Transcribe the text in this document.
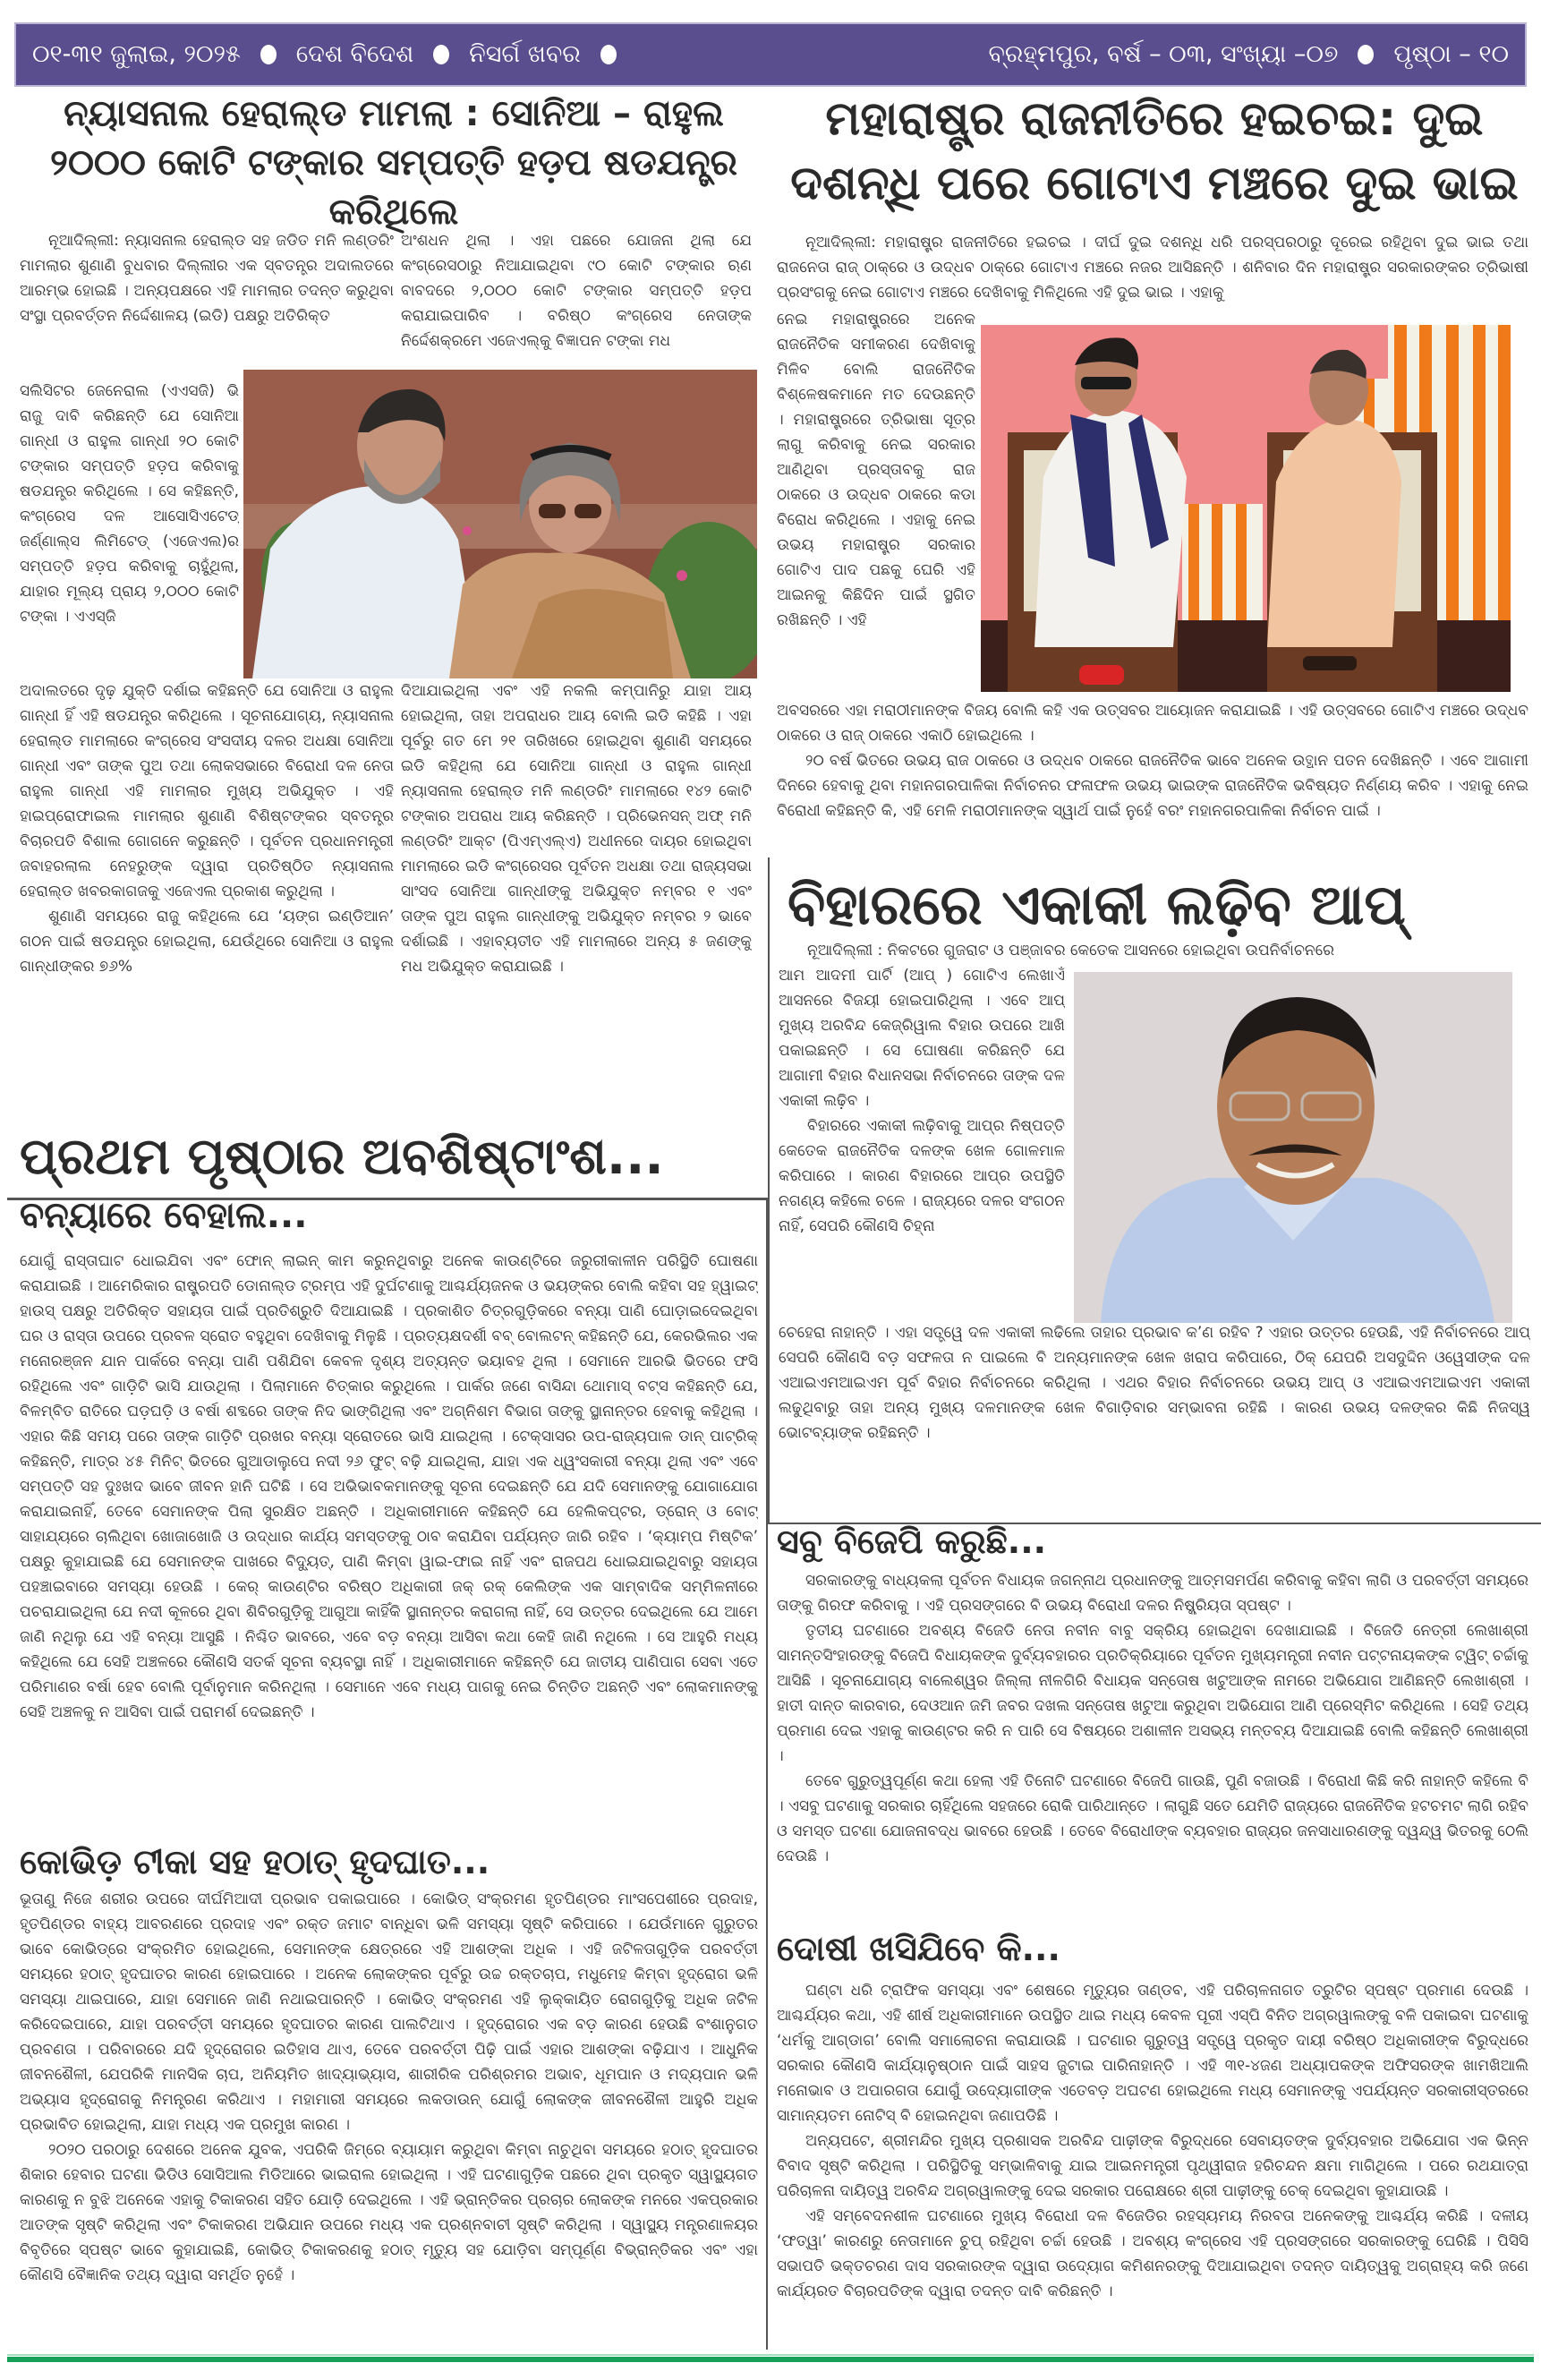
୦୧-୩୧ ଜୁଲାଇ, ୨୦୨୫ ଦେଶ ବିଦେଶ ନିସର୍ଗ ଖବର	ବ୍ରହ୍ମପୁର, ବର୍ଷ – ୦୩, ସଂଖ୍ୟା –୦୭ ପୃଷ୍ଠା – ୧୦
ନ୍ୟାସନାଲ ହେରାଲ୍ଡ ମାମଲା : ସୋନିଆ – ରାହୁଲ
୨୦୦୦ କୋଟି ଟଙ୍କାର ସମ୍ପତ୍ତି ହଡ଼ପ ଷଡଯନ୍ତ୍ର କରିଥିଲେ

ନୂଆଦିଲ୍ଲୀ: ନ୍ୟାସନାଲ ହେରାଲ୍ଡ ସହ ଜଡିତ ମନି ଲଣ୍ଡରିଂ ମାମଲାର ଶୁଣାଣି ବୁଧବାର ଦିଲ୍ଲୀର ଏକ ସ୍ବତନ୍ତ୍ର ଅଦାଲତରେ ଆରମ୍ଭ ହୋଇଛି । ଅନ୍ୟପକ୍ଷରେ ଏହି ମାମଲାର ତଦନ୍ତ କରୁଥିବା ସଂସ୍ଥା ପ୍ରବର୍ତ୍ତନ ନିର୍ଦ୍ଦେଶାଳୟ (ଇଡି) ପକ୍ଷରୁ ଅତିରିକ୍ତ

ଅଂଶଧନ ଥିଲା । ଏହା ପଛରେ ଯୋଜନା ଥିଲା ଯେ କଂଗ୍ରେସଠାରୁ ନିଆଯାଇଥିବା ୯୦ କୋଟି ଟଙ୍କାର ଋଣ ବାବଦରେ ୨,୦୦୦ କୋଟି ଟଙ୍କାର ସମ୍ପତ୍ତି ହଡ଼ପ କରାଯାଇପାରିବ । ବରିଷ୍ଠ କଂଗ୍ରେସ ନେତାଙ୍କ ନିର୍ଦ୍ଦେଶକ୍ରମେ ଏଜେଏଲ୍‌କୁ ବିଜ୍ଞାପନ ଟଙ୍କା ମଧ

ସଲିସିଟର ଜେନେରାଲ (ଏଏସଜି) ଭି ରାଜୁ ଦାବି କରିଛନ୍ତି ଯେ ସୋନିଆ ଗାନ୍ଧୀ ଓ ରାହୁଲ ଗାନ୍ଧୀ ୨୦ କୋଟି ଟଙ୍କାର ସମ୍ପତ୍ତି ହଡ଼ପ କରିବାକୁ ଷଡଯନ୍ତ୍ର କରିଥିଲେ । ସେ କହିଛନ୍ତି, କଂଗ୍ରେସ ଦଳ ଆସୋସିଏଟେଡ୍ ଜର୍ଣ୍ଣାଲ୍ସ ଲିମିଟେଡ୍ (ଏଜେଏଲ)ର ସମ୍ପତ୍ତି ହଡ଼ପ କରିବାକୁ ଚାହୁଁଥିଲା, ଯାହାର ମୂଲ୍ୟ ପ୍ରାୟ ୨,୦୦୦ କୋଟି ଟଙ୍କା । ଏଏସ୍‌ଜି

ଅଦାଲତରେ ଦୃଢ଼ ଯୁକ୍ତି ଦର୍ଶାଇ କହିଛନ୍ତି ଯେ ସୋନିଆ ଓ ରାହୁଲ ଗାନ୍ଧୀ ହିଁ ଏହି ଷଡଯନ୍ତ୍ର କରିଥିଲେ । ସୂଚନାଯୋଗ୍ୟ, ନ୍ୟାସନାଲ ହେରାଲ୍ଡ ମାମଲାରେ କଂଗ୍ରେସ ସଂସଦୀୟ ଦଳର ଅଧକ୍ଷା ସୋନିଆ ଗାନ୍ଧୀ ଏବଂ ତାଙ୍କ ପୁଅ ତଥା ଲୋକସଭାରେ ବିରୋଧୀ ଦଳ ନେତା ରାହୁଲ ଗାନ୍ଧୀ ଏହି ମାମଲାର ମୁଖ୍ୟ ଅଭିଯୁକ୍ତ । ଏହି ହାଇପ୍ରୋଫାଇଲ ମାମଲାର ଶୁଣାଣି ବିଶିଷ୍ଟଙ୍କର ସ୍ବତନ୍ତ୍ର ବିଚାରପତି ବିଶାଲ ଗୋଗନେ କରୁଛନ୍ତି । ପୂର୍ବତନ ପ୍ରଧାନମନ୍ତ୍ରୀ ଜବାହରଲାଲ ନେହରୁଙ୍କ ଦ୍ୱାରା ପ୍ରତିଷ୍ଠିତ ନ୍ୟାସନାଲ ହେରାଲ୍ଡ ଖବରକାଗଜକୁ ଏଜେଏଲ ପ୍ରକାଶ କରୁଥିଲା ।

ଶୁଣାଣି ସମୟରେ ରାଜୁ କହିଥିଲେ ଯେ ‘ୟଙ୍ଗ ଇଣ୍ଡିଆନ’ ଗଠନ ପାଇଁ ଷଡଯନ୍ତ୍ର ହୋଇଥିଲା, ଯେଉଁଥିରେ ସୋନିଆ ଓ ରାହୁଲ ଗାନ୍ଧୀଙ୍କର ୭୬%

ଦିଆଯାଇଥିଲା ଏବଂ ଏହି ନକଲି କମ୍ପାନିରୁ ଯାହା ଆୟ ହୋଇଥିଲା, ତାହା ଅପରାଧର ଆୟ ବୋଲି ଇଡି କହିଛି । ଏହା ପୂର୍ବରୁ ଗତ ମେ ୨୧ ତାରିଖରେ ହୋଇଥିବା ଶୁଣାଣି ସମୟରେ ଇଡି କହିଥିଲା ଯେ ସୋନିଆ ଗାନ୍ଧୀ ଓ ରାହୁଲ ଗାନ୍ଧୀ ନ୍ୟାସନାଲ ହେରାଲ୍ଡ ମନି ଲଣ୍ଡରିଂ ମାମଲାରେ ୧୪୨ କୋଟି ଟଙ୍କାର ଅପରାଧ ଆୟ କରିଛନ୍ତି । ପ୍ରିଭେନସନ୍ ଅଫ୍ ମନି ଲଣ୍ଡରିଂ ଆକ୍ଟ (ପିଏମ୍‌ଏଲ୍‌ଏ) ଅଧୀନରେ ଦାୟର ହୋଇଥିବା ମାମଲାରେ ଇଡି କଂଗ୍ରେସର ପୂର୍ବତନ ଅଧକ୍ଷା ତଥା ରାଜ୍ୟସଭା ସାଂସଦ ସୋନିଆ ଗାନ୍ଧୀଙ୍କୁ ଅଭିଯୁକ୍ତ ନମ୍ବର ୧ ଏବଂ ତାଙ୍କ ପୁଅ ରାହୁଲ ଗାନ୍ଧୀଙ୍କୁ ଅଭିଯୁକ୍ତ ନମ୍ବର ୨ ଭାବେ ଦର୍ଶାଇଛି । ଏହାବ୍ୟତୀତ ଏହି ମାମଲାରେ ଅନ୍ୟ ୫ ଜଣଙ୍କୁ ମଧ ଅଭିଯୁକ୍ତ କରାଯାଇଛି ।

ମହାରାଷ୍ଟ୍ର ରାଜନୀତିରେ ହଇଚଇ: ଦୁଇ
ଦଶନ୍ଧି ପରେ ଗୋଟାଏ ମଞ୍ଚରେ ଦୁଇ ଭାଇ

ନୂଆଦିଲ୍ଲୀ: ମହାରାଷ୍ଟ୍ର ରାଜନୀତିରେ ହଇଚଇ । ଦୀର୍ଘ ଦୁଇ ଦଶନ୍ଧି ଧରି ପରସ୍ପରଠାରୁ ଦୂରେଇ ରହିଥିବା ଦୁଇ ଭାଇ ତଥା ରାଜନେତା ରାଜ୍ ଠାକ୍‌ରେ ଓ ଉଦ୍ଧବ ଠାକ୍‌ରେ ଗୋଟାଏ ମଞ୍ଚରେ ନଜର ଆସିଛନ୍ତି । ଶନିବାର ଦିନ ମହାରାଷ୍ଟ୍ର ସରକାରଙ୍କର ତ୍ରିଭାଷୀ ପ୍ରସଂଗକୁ ନେଇ ଗୋଟାଏ ମଞ୍ଚରେ ଦେଖିବାକୁ ମିଳିଥିଲେ ଏହି ଦୁଇ ଭାଇ । ଏହାକୁ

ନେଇ ମହାରାଷ୍ଟ୍ରରେ ଅନେକ ରାଜନୈତିକ ସମୀକରଣ ଦେଖିବାକୁ ମିଳିବ ବୋଲି ରାଜନୈତିକ ବିଶ୍ଳେଷକମାନେ ମତ ଦେଉଛନ୍ତି । ମହାରାଷ୍ଟ୍ରରେ ତ୍ରିଭାଷା ସୂତ୍ର ଲାଗୁ କରିବାକୁ ନେଇ ସରକାର ଆଣିଥିବା ପ୍ରସ୍ତାବକୁ ରାଜ ଠାକରେ ଓ ଉଦ୍ଧବ ଠାକରେ କଡା ବିରୋଧ କରିଥିଲେ । ଏହାକୁ ନେଇ ଉଭୟ ମହାରାଷ୍ଟ୍ର ସରକାର ଗୋଟିଏ ପାଦ ପଛକୁ ଘେରି ଏହି ଆଇନକୁ କିଛିଦିନ ପାଇଁ ସ୍ଥଗିତ ରଖିଛନ୍ତି । ଏହି

ଅବସରରେ ଏହା ମରାଠୀମାନଙ୍କ ବିଜୟ ବୋଲି କହି ଏକ ଉତ୍ସବର ଆୟୋଜନ କରାଯାଇଛି । ଏହି ଉତ୍ସବରେ ଗୋଟିଏ ମଞ୍ଚରେ ଉଦ୍ଧବ ଠାକରେ ଓ ରାଜ୍ ଠାକରେ ଏକାଠି ହୋଇଥିଲେ ।

୨୦ ବର୍ଷ ଭିତରେ ଉଭୟ ରାଜ ଠାକରେ ଓ ଉଦ୍ଧବ ଠାକରେ ରାଜନୈତିକ ଭାବେ ଅନେକ ଉତ୍ଥାନ ପତନ ଦେଖିଛନ୍ତି । ଏବେ ଆଗାମୀ ଦିନରେ ହେବାକୁ ଥିବା ମହାନଗରପାଳିକା ନିର୍ବାଚନର ଫଳାଫଳ ଉଭୟ ଭାଇଙ୍କ ରାଜନୈତିକ ଭବିଷ୍ୟତ ନିର୍ଣ୍ଣୟ କରିବ । ଏହାକୁ ନେଇ ବିରୋଧୀ କହିଛନ୍ତି କି, ଏହି ମେଳି ମରାଠୀମାନଙ୍କ ସ୍ୱାର୍ଥ ପାଇଁ ନୁହେଁ ବରଂ ମହାନଗରପାଳିକା ନିର୍ବାଚନ ପାଇଁ ।

ବିହାରରେ ଏକାକୀ ଲଢ଼ିବ ଆପ୍

ନୂଆଦିଲ୍ଲୀ : ନିକଟରେ ଗୁଜରାଟ ଓ ପଞ୍ଜାବର କେତେକ ଆସନରେ ହୋଇଥିବା ଉପନିର୍ବାଚନରେ

ଆମ ଆଦମୀ ପାର୍ଟି (ଆପ୍ ) ଗୋଟିଏ ଲେଖାଏଁ ଆସନରେ ବିଜୟୀ ହୋଇପାରିଥିଲା । ଏବେ ଆପ୍ ମୁଖ୍ୟ ଅରବିନ୍ଦ କେଜ୍ରିୱାଲ ବିହାର ଉପରେ ଆଖି ପକାଇଛନ୍ତି । ସେ ଘୋଷଣା କରିଛନ୍ତି ଯେ ଆଗାମୀ ବିହାର ବିଧାନସଭା ନିର୍ବାଚନରେ ତାଙ୍କ ଦଳ ଏକାକୀ ଲଢ଼ିବ ।

ବିହାରରେ ଏକାକୀ ଲଢ଼ିବାକୁ ଆପ୍‌ର ନିଷ୍ପତ୍ତି କେତେକ ରାଜନୈତିକ ଦଳଙ୍କ ଖେଳ ଗୋଳମାଳ କରିପାରେ । କାରଣ ବିହାରରେ ଆପ୍‌ର ଉପସ୍ଥିତି ନଗଣ୍ୟ କହିଲେ ଚଳେ । ରାଜ୍ୟରେ ଦଳର ସଂଗଠନ ନାହିଁ, ସେପରି କୌଣସି ଚିହ୍ନା

ଚେହେରା ନାହାନ୍ତି । ଏହା ସତ୍ତ୍ୱେ ଦଳ ଏକାକୀ ଲଢିଲେ ତାହାର ପ୍ରଭାବ କ’ଣ ରହିବ ? ଏହାର ଉତ୍ତର ହେଉଛି, ଏହି ନିର୍ବାଚନରେ ଆପ୍ ସେପରି କୌଣସି ବଡ଼ ସଫଳତା ନ ପାଇଲେ ବି ଅନ୍ୟମାନଙ୍କ ଖେଳ ଖରାପ କରିପାରେ, ଠିକ୍ ଯେପରି ଅସଦୁଦ୍ଦିନ ଓୱେସୀଙ୍କ ଦଳ ଏଆଇଏମଆଇଏମ ପୂର୍ବ ବିହାର ନିର୍ବାଚନରେ କରିଥିଲା । ଏଥର ବିହାର ନିର୍ବାଚନରେ ଉଭୟ ଆପ୍ ଓ ଏଆଇଏମଆଇଏମ ଏକାକୀ ଲଢୁଥିବାରୁ ତାହା ଅନ୍ୟ ମୁଖ୍ୟ ଦଳମାନଙ୍କ ଖେଳ ବିଗାଡ଼ିବାର ସମ୍ଭାବନା ରହିଛି । କାରଣ ଉଭୟ ଦଳଙ୍କର କିଛି ନିଜସ୍ୱ ଭୋଟବ୍ୟାଙ୍କ ରହିଛନ୍ତି ।

ପ୍ରଥମ ପୃଷ୍ଠାର ଅବଶିଷ୍ଟାଂଶ...
ବନ୍ୟାରେ ବେହାଲ...

ଯୋଗୁଁ ରାସ୍ତାଘାଟ ଧୋଇଯିବା ଏବଂ ଫୋନ୍ ଲାଇନ୍ କାମ କରୁନଥିବାରୁ ଅନେକ କାଉଣ୍ଟିରେ ଜରୁରୀକାଳୀନ ପରିସ୍ଥିତି ଘୋଷଣା କରାଯାଇଛି । ଆମେରିକାର ରାଷ୍ଟ୍ରପତି ଡୋନାଲ୍ଡ ଟ୍ରମ୍ପ ଏହି ଦୁର୍ଘଟଣାକୁ ଆଶ୍ଚର୍ଯ୍ୟଜନକ ଓ ଭୟଙ୍କର ବୋଲି କହିବା ସହ ହ୍ୱାଇଟ୍ ହାଉସ୍ ପକ୍ଷରୁ ଅତିରିକ୍ତ ସହାୟତା ପାଇଁ ପ୍ରତିଶ୍ରୁତି ଦିଆଯାଇଛି । ପ୍ରକାଶିତ ଚିତ୍ରଗୁଡ଼ିକରେ ବନ୍ୟା ପାଣି ଘୋଡ଼ାଇଦେଇଥିବା ଘର ଓ ରାସ୍ତା ଉପରେ ପ୍ରବଳ ସ୍ରୋତ ବହୁଥିବା ଦେଖିବାକୁ ମିଳୁଛି । ପ୍ରତ୍ୟକ୍ଷଦର୍ଶୀ ବବ୍ ବୋଲଟନ୍ କହିଛନ୍ତି ଯେ, କେରଭିଲର ଏକ ମନୋରଞ୍ଜନ ଯାନ ପାର୍କରେ ବନ୍ୟା ପାଣି ପଶିଯିବା କେବଳ ଦୃଶ୍ୟ ଅତ୍ୟନ୍ତ ଭୟାବହ ଥିଲା । ସେମାନେ ଆରଭି ଭିତରେ ଫସି ରହିଥିଲେ ଏବଂ ଗାଡ଼ିଟି ଭାସି ଯାଉଥିଲା । ପିଲାମାନେ ଚିତ୍କାର କରୁଥିଲେ । ପାର୍କର ଜଣେ ବାସିନ୍ଦା ଥୋମାସ୍ ବଟ୍ସ କହିଛନ୍ତି ଯେ, ବିଳମ୍ବିତ ରାତିରେ ଘଡ଼ଘଡ଼ି ଓ ବର୍ଷା ଶବ୍ଦରେ ତାଙ୍କ ନିଦ ଭାଙ୍ଗିଥିଲା ଏବଂ ଅଗ୍ନିଶମ ବିଭାଗ ତାଙ୍କୁ ସ୍ଥାନାନ୍ତର ହେବାକୁ କହିଥିଲା । ଏହାର କିଛି ସମୟ ପରେ ତାଙ୍କ ଗାଡ଼ିଟି ପ୍ରଖର ବନ୍ୟା ସ୍ରୋତରେ ଭାସି ଯାଇଥିଲା । ଟେକ୍ସାସର ଉପ-ରାଜ୍ୟପାଳ ଡାନ୍ ପାଟ୍ରିକ୍ କହିଛନ୍ତି, ମାତ୍ର ୪୫ ମିନିଟ୍ ଭିତରେ ଗୁଆଡାଲୁପେ ନଦୀ ୨୬ ଫୁଟ୍ ବଢ଼ି ଯାଇଥିଲା, ଯାହା ଏକ ଧ୍ୱଂସକାରୀ ବନ୍ୟା ଥିଲା ଏବଂ ଏବେ ସମ୍ପତ୍ତି ସହ ଦୁଃଖଦ ଭାବେ ଜୀବନ ହାନି ଘଟିଛି । ସେ ଅଭିଭାବକମାନଙ୍କୁ ସୂଚନା ଦେଇଛନ୍ତି ଯେ ଯଦି ସେମାନଙ୍କୁ ଯୋଗାଯୋଗ କରାଯାଇନାହିଁ, ତେବେ ସେମାନଙ୍କ ପିଲା ସୁରକ୍ଷିତ ଅଛନ୍ତି । ଅଧିକାରୀମାନେ କହିଛନ୍ତି ଯେ ହେଲିକପ୍ଟର, ଡ୍ରୋନ୍ ଓ ବୋଟ୍ ସାହାଯ୍ୟରେ ଚାଲିଥିବା ଖୋଜାଖୋଜି ଓ ଉଦ୍ଧାର କାର୍ଯ୍ୟ ସମସ୍ତଙ୍କୁ ଠାବ କରାଯିବା ପର୍ଯ୍ୟନ୍ତ ଜାରି ରହିବ । ‘କ୍ୟାମ୍ପ ମିଷ୍ଟିକ’ ପକ୍ଷରୁ କୁହାଯାଇଛି ଯେ ସେମାନଙ୍କ ପାଖରେ ବିଦ୍ୟୁତ୍, ପାଣି କିମ୍ବା ୱାଇ-ଫାଇ ନାହିଁ ଏବଂ ରାଜପଥ ଧୋଇଯାଇଥିବାରୁ ସହାୟତା ପହଞ୍ଚାଇବାରେ ସମସ୍ୟା ହେଉଛି । କେର୍ କାଉଣ୍ଟିର ବରିଷ୍ଠ ଅଧିକାରୀ ଜକ୍ ରକ୍ କେଲିଙ୍କ ଏକ ସାମ୍ବାଦିକ ସମ୍ମିଳନୀରେ ପଚରାଯାଇଥିଲା ଯେ ନଦୀ କୂଳରେ ଥିବା ଶିବିରଗୁଡ଼ିକୁ ଆଗୁଆ କାହିଁକି ସ୍ଥାନାନ୍ତର କରାଗଲା ନାହିଁ, ସେ ଉତ୍ତର ଦେଇଥିଲେ ଯେ ଆମେ ଜାଣି ନଥିଲୁ ଯେ ଏହି ବନ୍ୟା ଆସୁଛି । ନିଶ୍ଚିତ ଭାବରେ, ଏବେ ବଡ଼ ବନ୍ୟା ଆସିବା କଥା କେହି ଜାଣି ନଥିଲେ । ସେ ଆହୁରି ମଧ୍ୟ କହିଥିଲେ ଯେ ସେହି ଅଞ୍ଚଳରେ କୌଣସି ସତର୍କ ସୂଚନା ବ୍ୟବସ୍ଥା ନାହିଁ । ଅଧିକାରୀମାନେ କହିଛନ୍ତି ଯେ ଜାତୀୟ ପାଣିପାଗ ସେବା ଏତେ ପରିମାଣର ବର୍ଷା ହେବ ବୋଲି ପୂର୍ବାନୁମାନ କରିନଥିଲା । ସେମାନେ ଏବେ ମଧ୍ୟ ପାଗକୁ ନେଇ ଚିନ୍ତିତ ଅଛନ୍ତି ଏବଂ ଲୋକମାନଙ୍କୁ ସେହି ଅଞ୍ଚଳକୁ ନ ଆସିବା ପାଇଁ ପରାମର୍ଶ ଦେଇଛନ୍ତି ।

କୋଭିଡ଼ ଟୀକା ସହ ହଠାତ୍ ହୃଦଘାତ...

ଭୂତାଣୁ ନିଜେ ଶରୀର ଉପରେ ଦୀର୍ଘମିଆଦୀ ପ୍ରଭାବ ପକାଇପାରେ । କୋଭିଡ୍ ସଂକ୍ରମଣ ହୃତପିଣ୍ଡର ମାଂସପେଶୀରେ ପ୍ରଦାହ, ହୃତପିଣ୍ଡର ବାହ୍ୟ ଆବରଣରେ ପ୍ରଦାହ ଏବଂ ରକ୍ତ ଜମାଟ ବାନ୍ଧିବା ଭଳି ସମସ୍ୟା ସୃଷ୍ଟି କରିପାରେ । ଯେଉଁମାନେ ଗୁରୁତର ଭାବେ କୋଭିଡ୍‌ରେ ସଂକ୍ରମିତ ହୋଇଥିଲେ, ସେମାନଙ୍କ କ୍ଷେତ୍ରରେ ଏହି ଆଶଙ୍କା ଅଧିକ । ଏହି ଜଟିଳତାଗୁଡ଼ିକ ପରବର୍ତ୍ତୀ ସମୟରେ ହଠାତ୍ ହୃଦଘାତର କାରଣ ହୋଇପାରେ । ଅନେକ ଲୋକଙ୍କର ପୂର୍ବରୁ ଉଚ୍ଚ ରକ୍ତଚାପ, ମଧୁମେହ କିମ୍ବା ହୃଦ୍‌ରୋଗ ଭଳି ସମସ୍ୟା ଥାଇପାରେ, ଯାହା ସେମାନେ ଜାଣି ନଥାଇପାରନ୍ତି । କୋଭିଡ୍ ସଂକ୍ରମଣ ଏହି ଲୁକ୍କାୟିତ ରୋଗଗୁଡ଼ିକୁ ଅଧିକ ଜଟିଳ କରିଦେଇପାରେ, ଯାହା ପରବର୍ତ୍ତୀ ସମୟରେ ହୃଦଘାତର କାରଣ ପାଲଟିଥାଏ । ହୃଦ୍‌ରୋଗର ଏକ ବଡ଼ କାରଣ ହେଉଛି ବଂଶାନୁଗତ ପ୍ରବଣତା । ପରିବାରରେ ଯଦି ହୃଦ୍‌ରୋଗର ଇତିହାସ ଥାଏ, ତେବେ ପରବର୍ତ୍ତୀ ପିଢ଼ି ପାଇଁ ଏହାର ଆଶଙ୍କା ବଢ଼ିଯାଏ । ଆଧୁନିକ ଜୀବନଶୈଳୀ, ଯେପରିକି ମାନସିକ ଚାପ, ଅନିୟମିତ ଖାଦ୍ୟାଭ୍ୟାସ, ଶାରୀରିକ ପରିଶ୍ରମର ଅଭାବ, ଧୂମପାନ ଓ ମଦ୍ୟପାନ ଭଳି ଅଭ୍ୟାସ ହୃଦ୍‌ରୋଗକୁ ନିମନ୍ତ୍ରଣ କରିଥାଏ । ମହାମାରୀ ସମୟରେ ଲକଡାଉନ୍ ଯୋଗୁଁ ଲୋକଙ୍କ ଜୀବନଶୈଳୀ ଆହୁରି ଅଧିକ ପ୍ରଭାବିତ ହୋଇଥିଲା, ଯାହା ମଧ୍ୟ ଏକ ପ୍ରମୁଖ କାରଣ ।

୨୦୨୦ ପରଠାରୁ ଦେଶରେ ଅନେକ ଯୁବକ, ଏପରିକି ଜିମ୍‌ରେ ବ୍ୟାୟାମ କରୁଥିବା କିମ୍ବା ନାଚୁଥିବା ସମୟରେ ହଠାତ୍ ହୃଦଘାତର ଶିକାର ହେବାର ଘଟଣା ଭିଡିଓ ସୋସିଆଲ ମିଡିଆରେ ଭାଇରାଲ ହୋଇଥିଲା । ଏହି ଘଟଣାଗୁଡ଼ିକ ପଛରେ ଥିବା ପ୍ରକୃତ ସ୍ୱାସ୍ଥ୍ୟଗତ କାରଣକୁ ନ ବୁଝି ଅନେକେ ଏହାକୁ ଟିକାକରଣ ସହିତ ଯୋଡ଼ି ଦେଇଥିଲେ । ଏହି ଭ୍ରାନ୍ତିକର ପ୍ରଚାର ଲୋକଙ୍କ ମନରେ ଏକପ୍ରକାର ଆତଙ୍କ ସୃଷ୍ଟି କରିଥିଲା ଏବଂ ଟିକାକରଣ ଅଭିଯାନ ଉପରେ ମଧ୍ୟ ଏକ ପ୍ରଶ୍ନବାଚୀ ସୃଷ୍ଟି କରିଥିଲା । ସ୍ୱାସ୍ଥ୍ୟ ମନ୍ତ୍ରଣାଳୟର ବିବୃତିରେ ସ୍ପଷ୍ଟ ଭାବେ କୁହାଯାଇଛି, କୋଭିଡ୍ ଟିକାକରଣକୁ ହଠାତ୍ ମୃତ୍ୟୁ ସହ ଯୋଡ଼ିବା ସମ୍ପୂର୍ଣ୍ଣ ବିଭ୍ରାନ୍ତିକର ଏବଂ ଏହା କୌଣସି ବୈଜ୍ଞାନିକ ତଥ୍ୟ ଦ୍ୱାରା ସମର୍ଥିତ ନୁହେଁ ।

ସବୁ ବିଜେପି କରୁଛି...

ସରକାରଙ୍କୁ ବାଧ୍ୟକଲା ପୂର୍ବତନ ବିଧାୟକ ଜଗନ୍ନାଥ ପ୍ରଧାନଙ୍କୁ ଆତ୍ମସମର୍ପଣ କରିବାକୁ କହିବା ଲାଗି ଓ ପରବର୍ତ୍ତୀ ସମୟରେ ତାଙ୍କୁ ଗିରଫ କରିବାକୁ । ଏହି ପ୍ରସଙ୍ଗରେ ବି ଉଭୟ ବିରୋଧୀ ଦଳର ନିଷ୍କ୍ରିୟତା ସ୍ପଷ୍ଟ ।

ତୃତୀୟ ଘଟଣାରେ ଅବଶ୍ୟ ବିଜେଡି ନେତା ନବୀନ ବାବୁ ସକ୍ରିୟ ହୋଇଥିବା ଦେଖାଯାଇଛି । ବିଜେଡି ନେତ୍ରୀ ଲେଖାଶ୍ରୀ ସାମନ୍ତସିଂହାରଙ୍କୁ ବିଜେପି ବିଧାୟକଙ୍କ ଦୁର୍ବ୍ୟବହାରର ପ୍ରତିକ୍ରିୟାରେ ପୂର୍ବତନ ମୁଖ୍ୟମନ୍ତ୍ରୀ ନବୀନ ପଟ୍ଟନାୟକଙ୍କ ଟ୍ୱିଟ୍ ଚର୍ଚ୍ଚାକୁ ଆସିଛି । ସୂଚନାଯୋଗ୍ୟ ବାଲେଶ୍ୱର ଜିଲ୍ଲା ନୀଳଗିରି ବିଧାୟକ ସନ୍ତୋଷ ଖଟୁଆଙ୍କ ନାମରେ ଅଭିଯୋଗ ଆଣିଛନ୍ତି ଲେଖାଶ୍ରୀ । ହାତୀ ଦାନ୍ତ କାରବାର, ଦେଓଆନ ଜମି ଜବର ଦଖଲ ସନ୍ତୋଷ ଖଟୁଆ କରୁଥିବା ଅଭିଯୋଗ ଆଣି ପ୍ରେସ୍‌ମିଟ କରିଥିଲେ । ସେହି ତଥ୍ୟ ପ୍ରମାଣ ଦେଇ ଏହାକୁ କାଉଣ୍ଟର କରି ନ ପାରି ସେ ବିଷୟରେ ଅଶାଳୀନ ଅସଭ୍ୟ ମନ୍ତବ୍ୟ ଦିଆଯାଇଛି ବୋଲି କହିଛନ୍ତି ଲେଖାଶ୍ରୀ ।

ତେବେ ଗୁରୁତ୍ୱପୂର୍ଣ୍ଣ କଥା ହେଲା ଏହି ତିନୋଟି ଘଟଣାରେ ବିଜେପି ଗାଉଛି, ପୁଣି ବଜାଉଛି । ବିରୋଧୀ କିଛି କରି ନାହାନ୍ତି କହିଲେ ବି । ଏସବୁ ଘଟଣାକୁ ସରକାର ଚାହିଁଥିଲେ ସହଜରେ ରୋକି ପାରିଥାନ୍ତେ । ଲାଗୁଛି ସତେ ଯେମିତି ରାଜ୍ୟରେ ରାଜନୈତିକ ହଟଚମଟ ଲାଗି ରହିବ ଓ ସମସ୍ତ ଘଟଣା ଯୋଜନାବଦ୍ଧ ଭାବରେ ହେଉଛି । ତେବେ ବିରୋଧୀଙ୍କ ବ୍ୟବହାର ରାଜ୍ୟର ଜନସାଧାରଣଙ୍କୁ ଦ୍ୱନ୍ଦ୍ୱ ଭିତରକୁ ଠେଲି ଦେଉଛି ।

ଦୋଷୀ ଖସିଯିବେ କି...

ଘଣ୍ଟା ଧରି ଟ୍ରାଫିକ ସମସ୍ୟା ଏବଂ ଶେଷରେ ମୃତ୍ୟୁର ତାଣ୍ଡବ, ଏହି ପରିଚାଳନାଗତ ତ୍ରୁଟିର ସ୍ପଷ୍ଟ ପ୍ରମାଣ ଦେଉଛି । ଆଶ୍ଚର୍ଯ୍ୟର କଥା, ଏହି ଶୀର୍ଷ ଅଧିକାରୀମାନେ ଉପସ୍ଥିତ ଥାଇ ମଧ୍ୟ କେବଳ ପୂରୀ ଏସ୍‌ପି ବିନିତ ଅଗ୍ରୱାଲଙ୍କୁ ବଳି ପକାଇବା ଘଟଣାକୁ ‘ଧର୍ମକୁ ଆଗ୍‌ଡାଗ’ ବୋଲି ସମାଲୋଚନା କରାଯାଉଛି । ଘଟଣାର ଗୁରୁତ୍ୱ ସତ୍ତ୍ୱେ ପ୍ରକୃତ ଦାୟୀ ବରିଷ୍ଠ ଅଧିକାରୀଙ୍କ ବିରୁଦ୍ଧରେ ସରକାର କୌଣସି କାର୍ଯ୍ୟାନୁଷ୍ଠାନ ପାଇଁ ସାହସ ଜୁଟାଇ ପାରିନାହାନ୍ତି । ଏହି ୩୧-୪ଜଣ ଅଧ୍ୟାପକଙ୍କ ଅଫିସରଙ୍କ ଖାମଖିଆଲି ମନୋଭାବ ଓ ଅପାରଗତା ଯୋଗୁଁ ଉଦ୍ୟୋଗୀଙ୍କ ଏତେବଡ଼ ଅଘଟଣ ହୋଇଥିଲେ ମଧ୍ୟ ସେମାନଙ୍କୁ ଏପର୍ଯ୍ୟନ୍ତ ସରକାରୀସ୍ତରରେ ସାମାନ୍ୟତମ ନୋଟିସ୍ ବି ହୋଇନଥିବା ଜଣାପଡିଛି ।

ଅନ୍ୟପଟେ, ଶ୍ରୀମନ୍ଦିର ମୁଖ୍ୟ ପ୍ରଶାସକ ଅରବିନ୍ଦ ପାଢ଼ୀଙ୍କ ବିରୁଦ୍ଧରେ ସେବାୟତଙ୍କ ଦୁର୍ବ୍ୟବହାର ଅଭିଯୋଗ ଏକ ଭିନ୍ନ ବିବାଦ ସୃଷ୍ଟି କରିଥିଲା । ପରିସ୍ଥିତିକୁ ସମ୍ଭାଳିବାକୁ ଯାଇ ଆଇନମନ୍ତ୍ରୀ ପୃଥ୍ୱୀରାଜ ହରିଚନ୍ଦନ କ୍ଷମା ମାଗିଥିଲେ । ପରେ ରଥଯାତ୍ରା ପରିଚାଳନା ଦାୟିତ୍ୱ ଅରବିନ୍ଦ ଅଗ୍ରୱାଲଙ୍କୁ ଦେଇ ସରକାର ପରୋକ୍ଷରେ ଶ୍ରୀ ପାଢ଼ୀଙ୍କୁ ଚେକ୍ ଦେଇଥିବା କୁହାଯାଉଛି ।

ଏହି ସମ୍ବେଦନଶୀଳ ଘଟଣାରେ ମୁଖ୍ୟ ବିରୋଧୀ ଦଳ ବିଜେଡିର ରହସ୍ୟମୟ ନିରବତା ଅନେକଙ୍କୁ ଆଶ୍ଚର୍ଯ୍ୟ କରିଛି । ଦଳୀୟ ‘ଫତ୍ୱା’ କାରଣରୁ ନେତାମାନେ ଚୁପ୍ ରହିଥିବା ଚର୍ଚ୍ଚା ହେଉଛି । ଅବଶ୍ୟ କଂଗ୍ରେସ ଏହି ପ୍ରସଙ୍ଗରେ ସରକାରଙ୍କୁ ଘେରିଛି । ପିସିସି ସଭାପତି ଭକ୍ତଚରଣ ଦାସ ସରକାରଙ୍କ ଦ୍ୱାରା ଉଦ୍ୟୋଗ କମିଶନରଙ୍କୁ ଦିଆଯାଇଥିବା ତଦନ୍ତ ଦାୟିତ୍ୱକୁ ଅଗ୍ରାହ୍ୟ କରି ଜଣେ କାର୍ଯ୍ୟରତ ବିଚାରପତିଙ୍କ ଦ୍ୱାରା ତଦନ୍ତ ଦାବି କରିଛନ୍ତି ।
